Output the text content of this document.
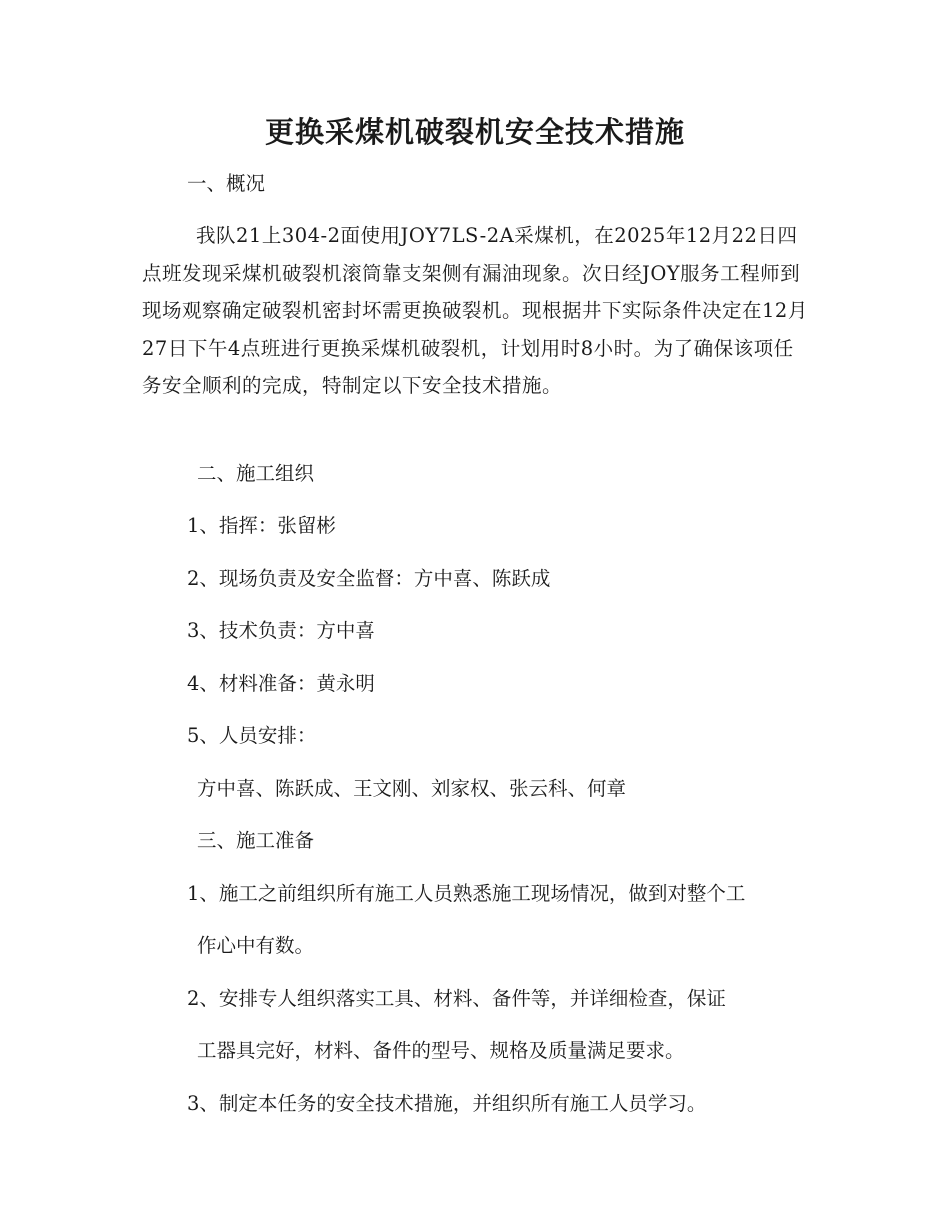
更换采煤机破裂机安全技术措施

一、概况

我队21上304-2面使用JOY7LS-2A采煤机，在2025年12月22日四点班发现采煤机破裂机滚筒靠支架侧有漏油现象。次日经JOY服务工程师到现场观察确定破裂机密封坏需更换破裂机。现根据井下实际条件决定在12月27日下午4点班进行更换采煤机破裂机，计划用时8小时。为了确保该项任务安全顺利的完成，特制定以下安全技术措施。

二、施工组织

1、指挥：张留彬

2、现场负责及安全监督：方中喜、陈跃成

3、技术负责：方中喜

4、材料准备：黄永明

5、人员安排：

方中喜、陈跃成、王文刚、刘家权、张云科、何章

三、施工准备

1、施工之前组织所有施工人员熟悉施工现场情况，做到对整个工

作心中有数。

2、安排专人组织落实工具、材料、备件等，并详细检查，保证

工器具完好，材料、备件的型号、规格及质量满足要求。

3、制定本任务的安全技术措施，并组织所有施工人员学习。
